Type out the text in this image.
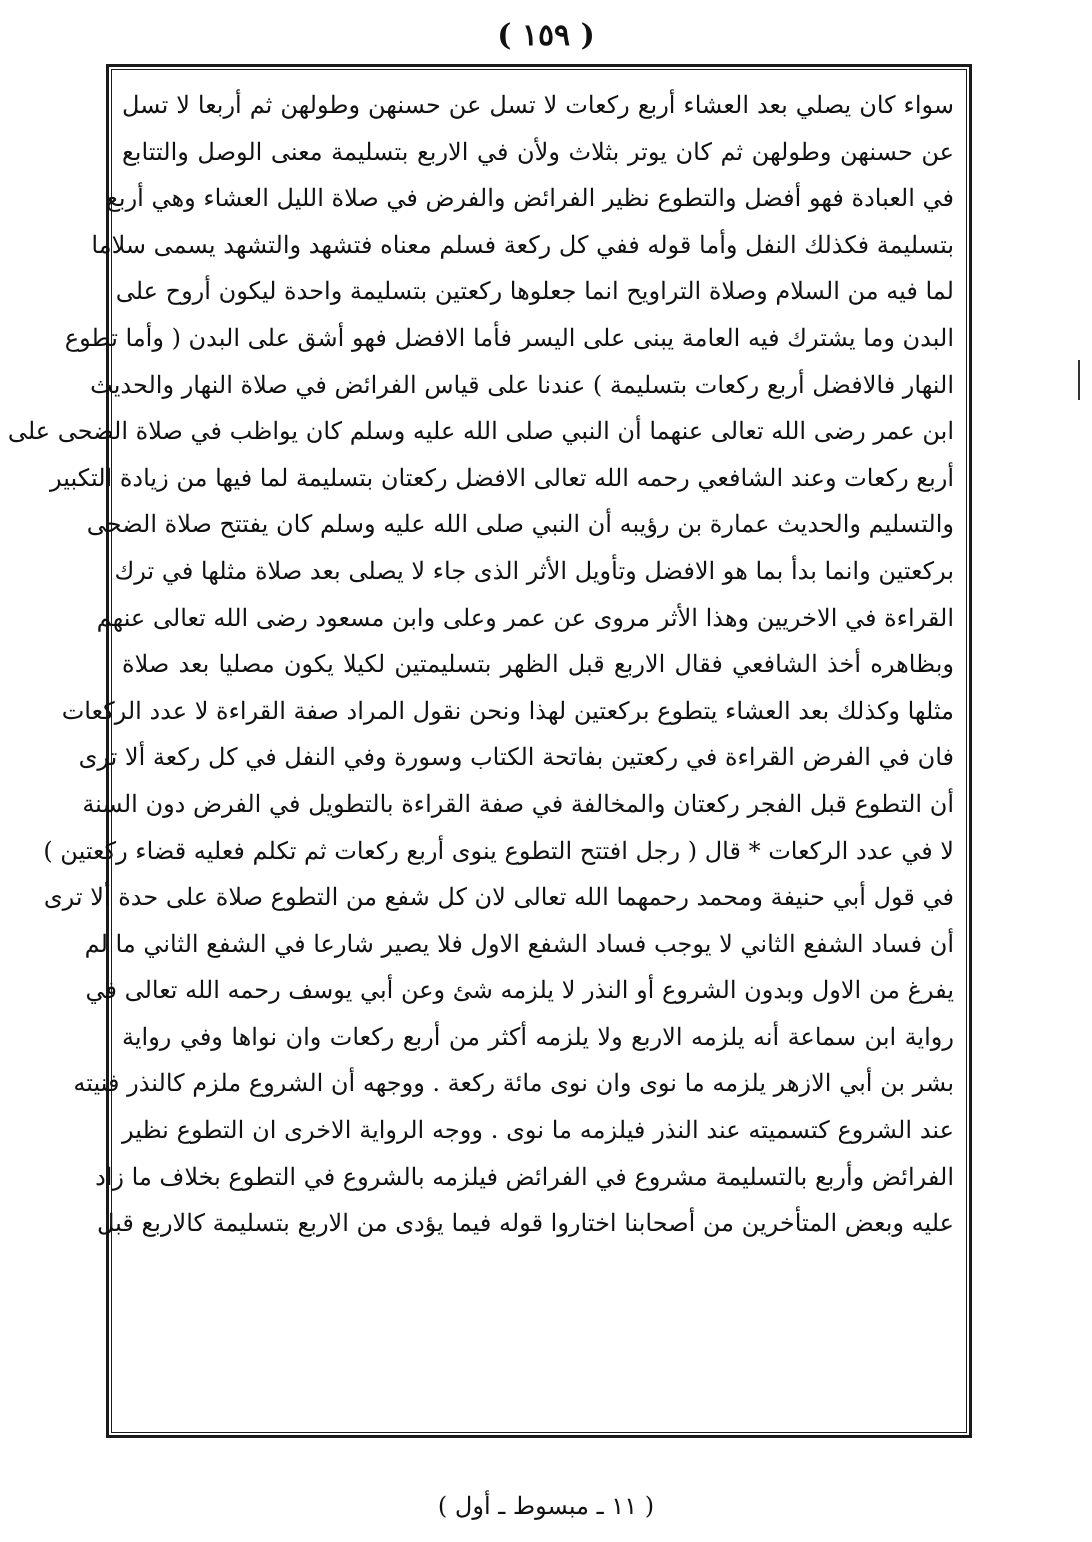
( ١٥٩ )
سواء كان يصلي بعد العشاء أربع ركعات لا تسل عن حسنهن وطولهن ثم أربعا لا تسل
عن حسنهن وطولهن ثم كان يوتر بثلاث ولأن في الاربع بتسليمة معنى الوصل والتتابع
في العبادة فهو أفضل والتطوع نظير الفرائض والفرض في صلاة الليل العشاء وهي أربع
بتسليمة فكذلك النفل وأما قوله ففي كل ركعة فسلم معناه فتشهد والتشهد يسمى سلاما
لما فيه من السلام وصلاة التراويح انما جعلوها ركعتين بتسليمة واحدة ليكون أروح على
البدن وما يشترك فيه العامة يبنى على اليسر فأما الافضل فهو أشق على البدن ( وأما تطوع
النهار فالافضل أربع ركعات بتسليمة ) عندنا على قياس الفرائض في صلاة النهار والحديث
ابن عمر رضى الله تعالى عنهما أن النبي صلى الله عليه وسلم كان يواظب في صلاة الضحى على
أربع ركعات وعند الشافعي رحمه الله تعالى الافضل ركعتان بتسليمة لما فيها من زيادة التكبير
والتسليم والحديث عمارة بن رؤيبه أن النبي صلى الله عليه وسلم كان يفتتح صلاة الضحى
بركعتين وانما بدأ بما هو الافضل وتأويل الأثر الذى جاء لا يصلى بعد صلاة مثلها في ترك
القراءة في الاخريين وهذا الأثر مروى عن عمر وعلى وابن مسعود رضى الله تعالى عنهم
وبظاهره أخذ الشافعي فقال الاربع قبل الظهر بتسليمتين لكيلا يكون مصليا بعد صلاة
مثلها وكذلك بعد العشاء يتطوع بركعتين لهذا ونحن نقول المراد صفة القراءة لا عدد الركعات
فان في الفرض القراءة في ركعتين بفاتحة الكتاب وسورة وفي النفل في كل ركعة ألا ترى
أن التطوع قبل الفجر ركعتان والمخالفة في صفة القراءة بالتطويل في الفرض دون السنة
لا في عدد الركعات * قال ( رجل افتتح التطوع ينوى أربع ركعات ثم تكلم فعليه قضاء ركعتين )
في قول أبي حنيفة ومحمد رحمهما الله تعالى لان كل شفع من التطوع صلاة على حدة ألا ترى
أن فساد الشفع الثاني لا يوجب فساد الشفع الاول فلا يصير شارعا في الشفع الثاني ما لم
يفرغ من الاول وبدون الشروع أو النذر لا يلزمه شئ وعن أبي يوسف رحمه الله تعالى في
رواية ابن سماعة أنه يلزمه الاربع ولا يلزمه أكثر من أربع ركعات وان نواها وفي رواية
بشر بن أبي الازهر يلزمه ما نوى وان نوى مائة ركعة . ووجهه أن الشروع ملزم كالنذر فنيته
عند الشروع كتسميته عند النذر فيلزمه ما نوى . ووجه الرواية الاخرى ان التطوع نظير
الفرائض وأربع بالتسليمة مشروع في الفرائض فيلزمه بالشروع في التطوع بخلاف ما زاد
عليه وبعض المتأخرين من أصحابنا اختاروا قوله فيما يؤدى من الاربع بتسليمة كالاربع قبل
( ١١ ـ مبسوط ـ أول )
